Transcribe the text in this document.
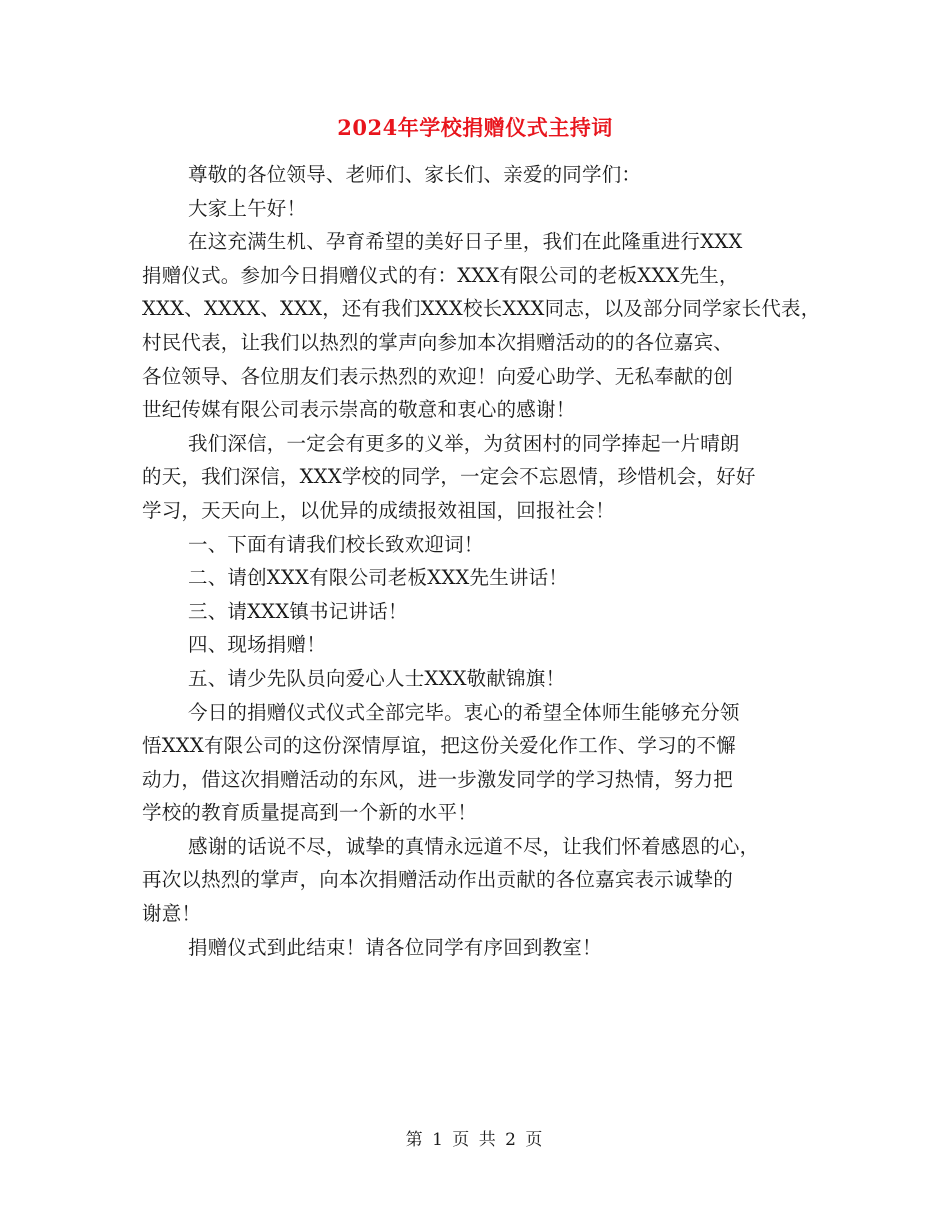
2024年学校捐赠仪式主持词
尊敬的各位领导、老师们、家长们、亲爱的同学们：
大家上午好！
在这充满生机、孕育希望的美好日子里，我们在此隆重进行XXX
捐赠仪式。参加今日捐赠仪式的有：XXX有限公司的老板XXX先生，
XXX、XXXX、XXX，还有我们XXX校长XXX同志，以及部分同学家长代表，
村民代表，让我们以热烈的掌声向参加本次捐赠活动的的各位嘉宾、
各位领导、各位朋友们表示热烈的欢迎！向爱心助学、无私奉献的创
世纪传媒有限公司表示崇高的敬意和衷心的感谢！
我们深信，一定会有更多的义举，为贫困村的同学捧起一片晴朗
的天，我们深信，XXX学校的同学，一定会不忘恩情，珍惜机会，好好
学习，天天向上，以优异的成绩报效祖国，回报社会！
一、下面有请我们校长致欢迎词！
二、请创XXX有限公司老板XXX先生讲话！
三、请XXX镇书记讲话！
四、现场捐赠！
五、请少先队员向爱心人士XXX敬献锦旗！
今日的捐赠仪式仪式全部完毕。衷心的希望全体师生能够充分领
悟XXX有限公司的这份深情厚谊，把这份关爱化作工作、学习的不懈
动力，借这次捐赠活动的东风，进一步激发同学的学习热情，努力把
学校的教育质量提高到一个新的水平！
感谢的话说不尽，诚挚的真情永远道不尽，让我们怀着感恩的心，
再次以热烈的掌声，向本次捐赠活动作出贡献的各位嘉宾表示诚挚的
谢意！
捐赠仪式到此结束！请各位同学有序回到教室！
第 1 页 共 2 页
